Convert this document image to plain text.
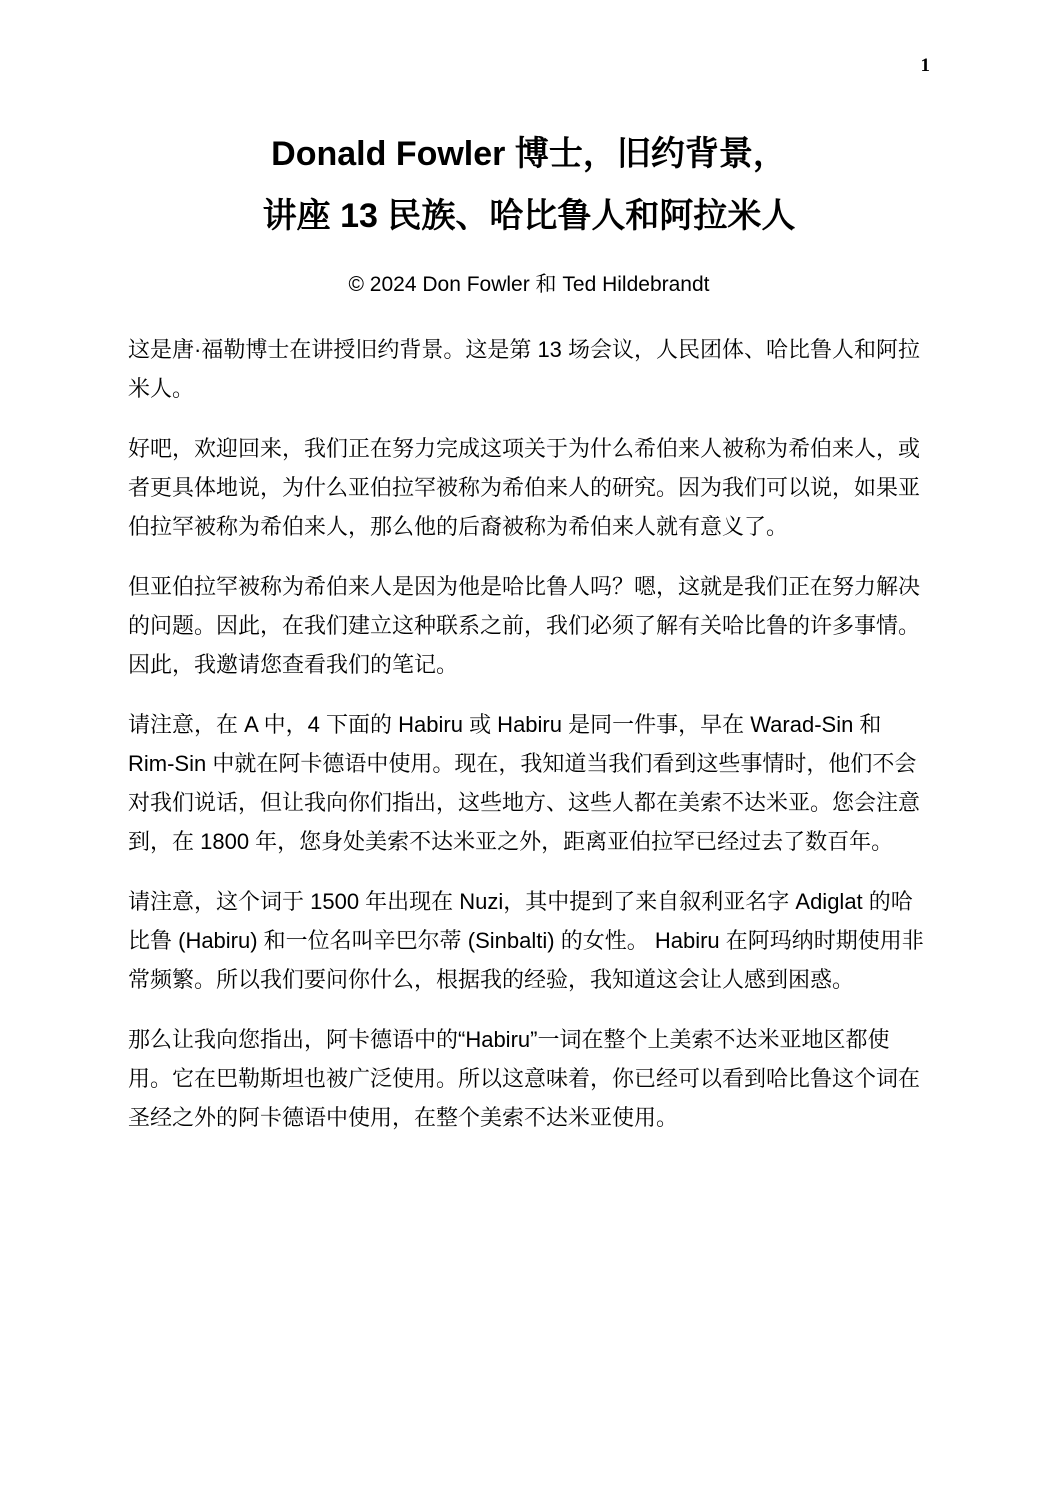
1
Donald Fowler 博士，旧约背景，
讲座 13 民族、哈比鲁人和阿拉米人
© 2024 Don Fowler 和 Ted Hildebrandt

这是唐·福勒博士在讲授旧约背景。这是第 13 场会议，人民团体、哈比鲁人和阿拉米人。

好吧，欢迎回来，我们正在努力完成这项关于为什么希伯来人被称为希伯来人，或者更具体地说，为什么亚伯拉罕被称为希伯来人的研究。因为我们可以说，如果亚伯拉罕被称为希伯来人，那么他的后裔被称为希伯来人就有意义了。

但亚伯拉罕被称为希伯来人是因为他是哈比鲁人吗？嗯，这就是我们正在努力解决的问题。因此，在我们建立这种联系之前，我们必须了解有关哈比鲁的许多事情。因此，我邀请您查看我们的笔记。

请注意，在 A 中，4 下面的 Habiru 或 Habiru 是同一件事，早在 Warad-Sin 和 Rim-Sin 中就在阿卡德语中使用。现在，我知道当我们看到这些事情时，他们不会对我们说话，但让我向你们指出，这些地方、这些人都在美索不达米亚。您会注意到，在 1800 年，您身处美索不达米亚之外，距离亚伯拉罕已经过去了数百年。

请注意，这个词于 1500 年出现在 Nuzi，其中提到了来自叙利亚名字 Adiglat 的哈比鲁 (Habiru) 和一位名叫辛巴尔蒂 (Sinbalti) 的女性。 Habiru 在阿玛纳时期使用非常频繁。所以我们要问你什么，根据我的经验，我知道这会让人感到困惑。

那么让我向您指出，阿卡德语中的“Habiru”一词在整个上美索不达米亚地区都使用。它在巴勒斯坦也被广泛使用。所以这意味着，你已经可以看到哈比鲁这个词在圣经之外的阿卡德语中使用，在整个美索不达米亚使用。
